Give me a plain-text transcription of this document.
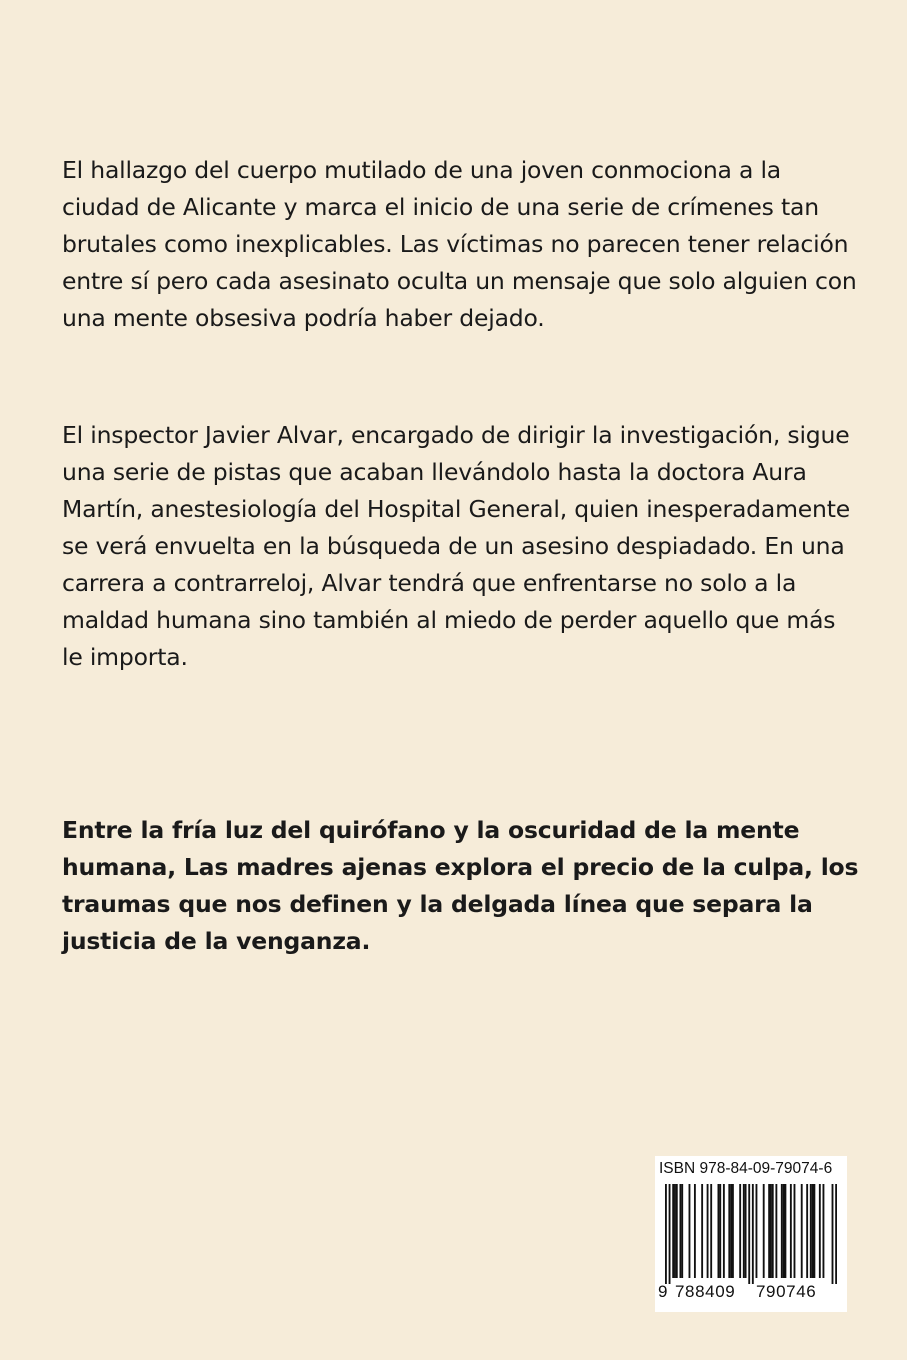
El hallazgo del cuerpo mutilado de una joven conmociona a la ciudad de Alicante y marca el inicio de una serie de crímenes tan brutales como inexplicables. Las víctimas no parecen tener relación entre sí pero cada asesinato oculta un mensaje que solo alguien con una mente obsesiva podría haber dejado.

El inspector Javier Alvar, encargado de dirigir la investigación, sigue una serie de pistas que acaban llevándolo hasta la doctora Aura Martín, anestesiología del Hospital General, quien inesperadamente se verá envuelta en la búsqueda de un asesino despiadado. En una carrera a contrarreloj, Alvar tendrá que enfrentarse no solo a la maldad humana sino también al miedo de perder aquello que más le importa.

Entre la fría luz del quirófano y la oscuridad de la mente humana, Las madres ajenas explora el precio de la culpa, los traumas que nos definen y la delgada línea que separa la justicia de la venganza.

ISBN 978-84-09-79074-6
9 788409 790746
